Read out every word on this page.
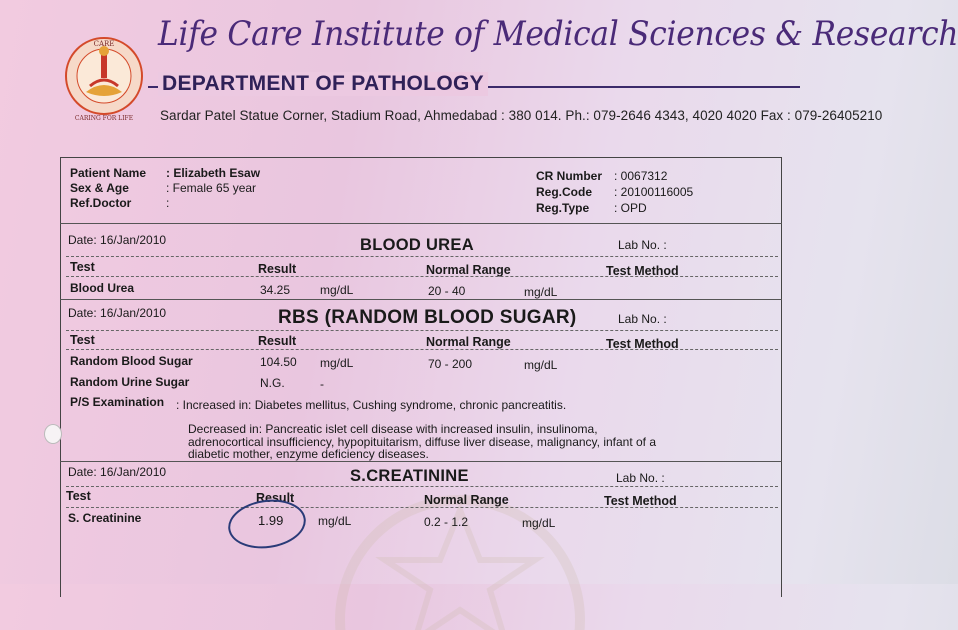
CARE
CARING FOR LIFE
Life Care Institute of Medical Sciences & Research
DEPARTMENT OF PATHOLOGY
Sardar Patel Statue Corner, Stadium Road, Ahmedabad : 380 014. Ph.: 079-2646 4343, 4020 4020 Fax : 079-26405210
Patient Name : Elizabeth Esaw
Sex & Age	: Female 65 year
Ref.Doctor	:
CR Number : 0067312
Reg.Code : 20100116005
Reg.Type : OPD
Date: 16/Jan/2010	BLOOD UREA	Lab No. :
Test	Result	Normal Range	Test Method
Blood Urea	34.25 mg/dL	20 - 40	mg/dL
Date: 16/Jan/2010	RBS (RANDOM BLOOD SUGAR)	Lab No. :
Test	Result	Normal Range	Test Method
Random Blood Sugar	104.50 mg/dL	70 - 200	mg/dL
Random Urine Sugar	N.G.	-
P/S Examination : Increased in: Diabetes mellitus, Cushing syndrome, chronic pancreatitis.
Decreased in: Pancreatic islet cell disease with increased insulin, insulinoma,
adrenocortical insufficiency, hypopituitarism, diffuse liver disease, malignancy, infant of a
diabetic mother, enzyme deficiency diseases.
Date: 16/Jan/2010	S.CREATININE	Lab No. :
Test	Result	Normal Range	Test Method
S. Creatinine	1.99	mg/dL	0.2 - 1.2	mg/dL
